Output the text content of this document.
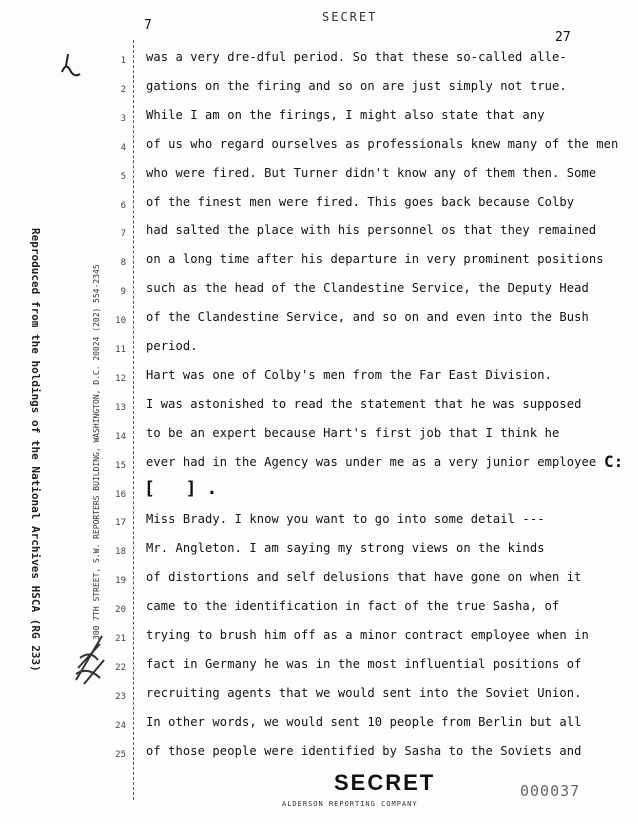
SECRET
7
27
Reproduced from the holdings of the National Archives HSCA (RG 233)	300 7TH STREET, S.W. REPORTERS BUILDING, WASHINGTON, D.C. 20024 (202) 554-2345
1
2
3
4
5
6
7
8
9
10
11
12
13
14
15
16
17
18
19
20
21
22
23
24
25
was a very dre-dful period. So that these so-called alle-
gations on the firing and so on are just simply not true.
While I am on the firings, I might also state that any
of us who regard ourselves as professionals knew many of the men
who were fired. But Turner didn't know any of them then. Some
of the finest men were fired. This goes back because Colby
had salted the place with his personnel os that they remained
on a long time after his departure in very prominent positions
such as the head of the Clandestine Service, the Deputy Head
of the Clandestine Service, and so on and even into the Bush
period.
Hart was one of Colby's men from the Far East Division.
I was astonished to read the statement that he was supposed
to be an expert because Hart's first job that I think he
ever had in the Agency was under me as a very junior employee
Miss Brady. I know you want to go into some detail ---
Mr. Angleton. I am saying my strong views on the kinds
of distortions and self delusions that have gone on when it
came to the identification in fact of the true Sasha, of
trying to brush him off as a minor contract employee when in
fact in Germany he was in the most influential positions of
recruiting agents that we would sent into the Soviet Union.
In other words, we would sent 10 people from Berlin but all
of those people were identified by Sasha to the Soviets and
[ ].
C:
SECRET
ALDERSON REPORTING COMPANY
000037
